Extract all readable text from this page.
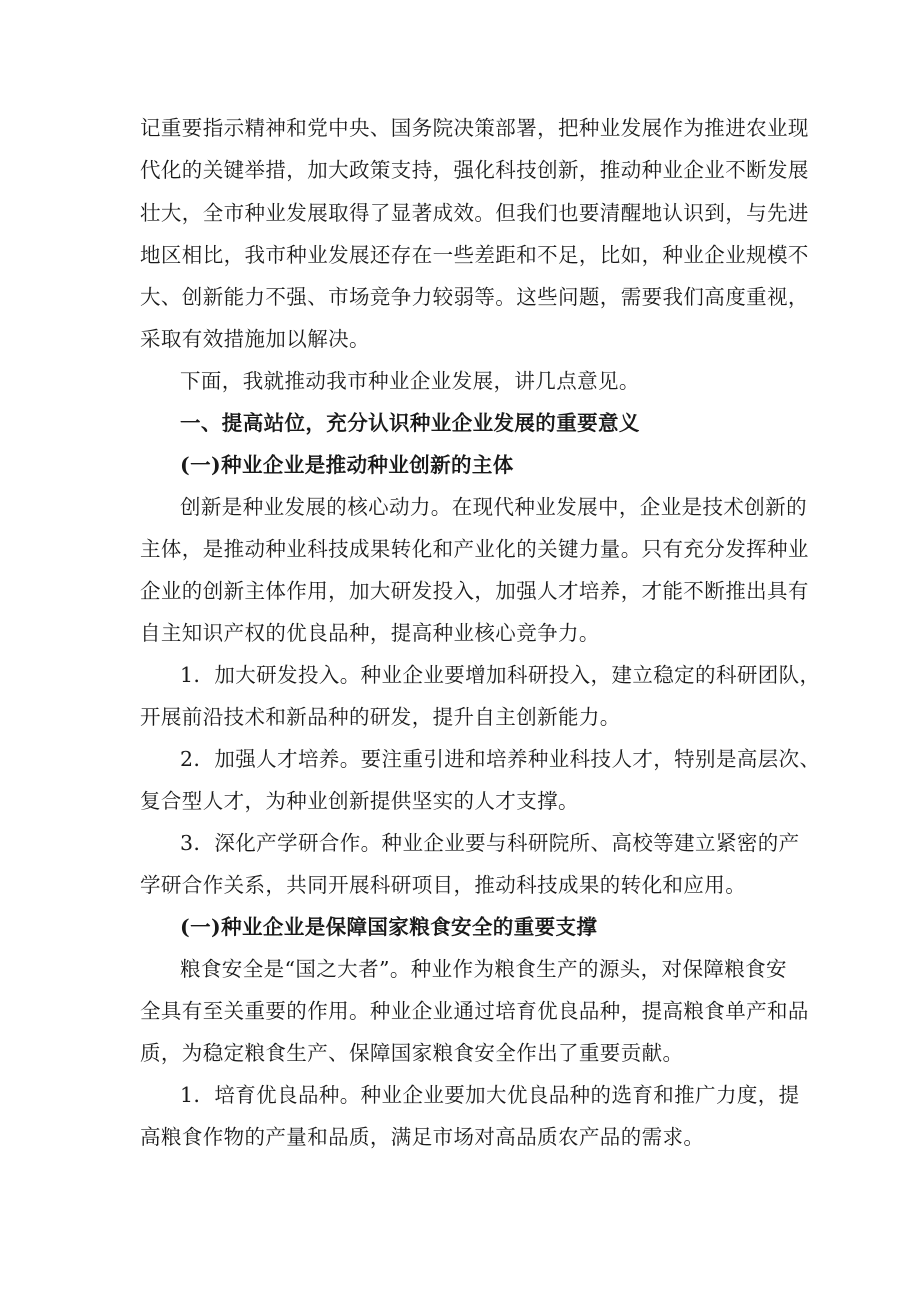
记重要指示精神和党中央、国务院决策部署，把种业发展作为推进农业现
代化的关键举措，加大政策支持，强化科技创新，推动种业企业不断发展
壮大，全市种业发展取得了显著成效。但我们也要清醒地认识到，与先进
地区相比，我市种业发展还存在一些差距和不足，比如，种业企业规模不
大、创新能力不强、市场竞争力较弱等。这些问题，需要我们高度重视，
采取有效措施加以解决。
下面，我就推动我市种业企业发展，讲几点意见。
一、提高站位，充分认识种业企业发展的重要意义
(一)种业企业是推动种业创新的主体
创新是种业发展的核心动力。在现代种业发展中，企业是技术创新的
主体，是推动种业科技成果转化和产业化的关键力量。只有充分发挥种业
企业的创新主体作用，加大研发投入，加强人才培养，才能不断推出具有
自主知识产权的优良品种，提高种业核心竞争力。
1．加大研发投入。种业企业要增加科研投入，建立稳定的科研团队，
开展前沿技术和新品种的研发，提升自主创新能力。
2．加强人才培养。要注重引进和培养种业科技人才，特别是高层次、
复合型人才，为种业创新提供坚实的人才支撑。
3．深化产学研合作。种业企业要与科研院所、高校等建立紧密的产
学研合作关系，共同开展科研项目，推动科技成果的转化和应用。
(一)种业企业是保障国家粮食安全的重要支撑
粮食安全是“国之大者”。种业作为粮食生产的源头，对保障粮食安
全具有至关重要的作用。种业企业通过培育优良品种，提高粮食单产和品
质，为稳定粮食生产、保障国家粮食安全作出了重要贡献。
1．培育优良品种。种业企业要加大优良品种的选育和推广力度，提
高粮食作物的产量和品质，满足市场对高品质农产品的需求。
